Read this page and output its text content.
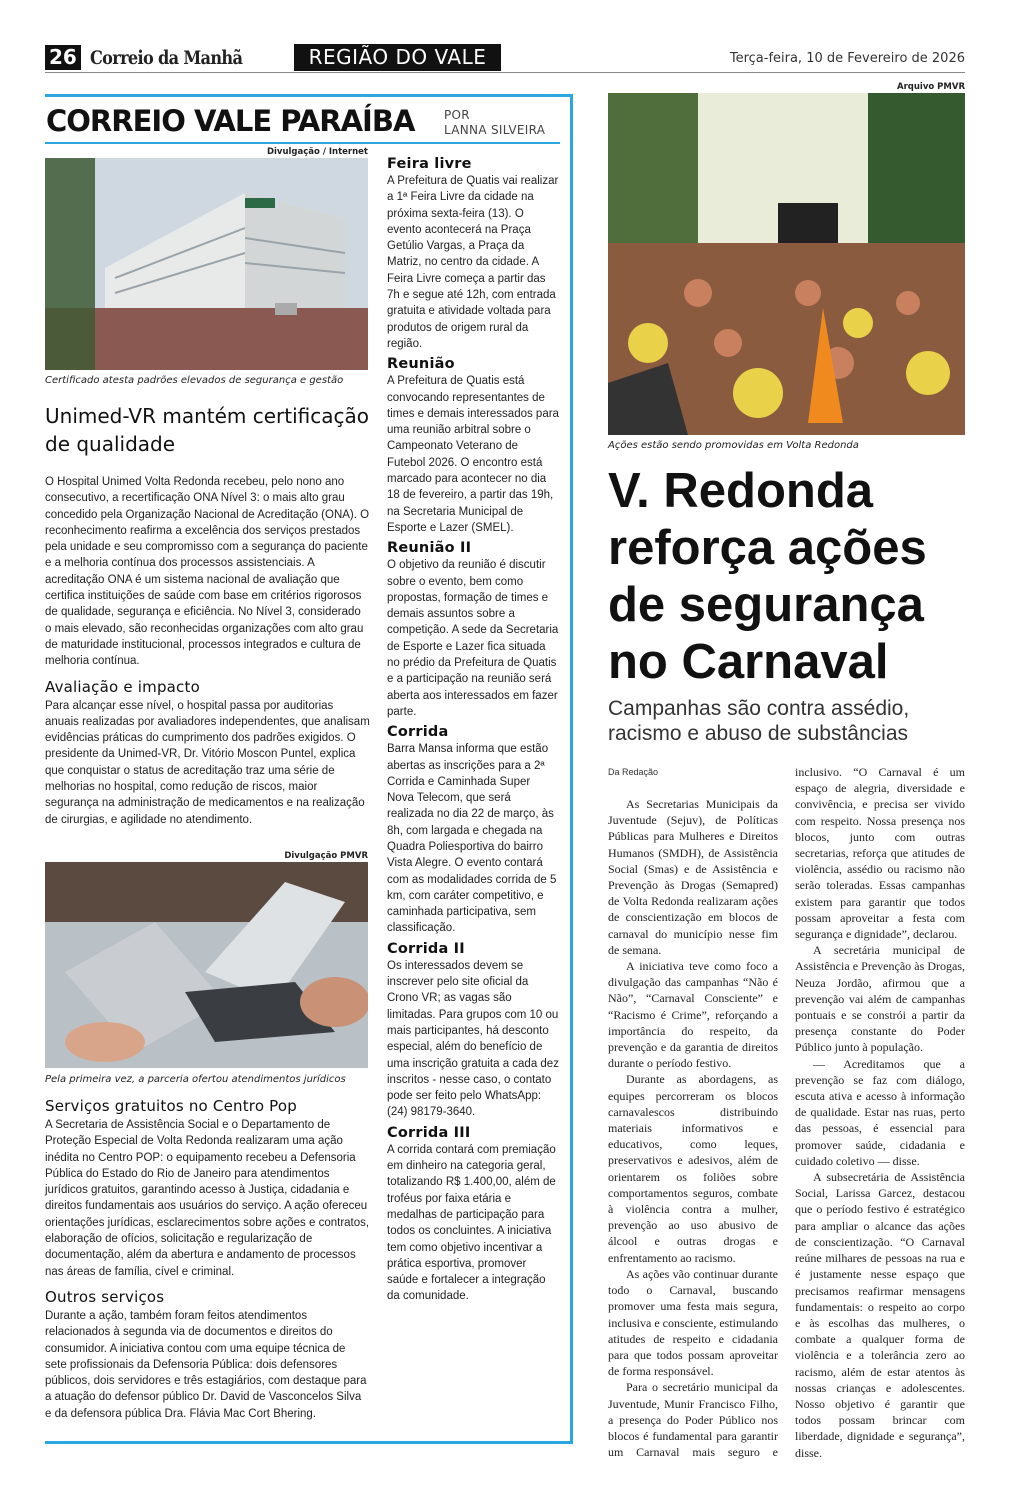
26 Correio da Manhã	REGIÃO DO VALE	Terça-feira, 10 de Fevereiro de 2026
CORREIO VALE PARAÍBA POR
LANNA SILVEIRA
Divulgação / Internet
Certificado atesta padrões elevados de segurança e gestão
Unimed-VR mantém certificação de qualidade

O Hospital Unimed Volta Redonda recebeu, pelo nono ano consecutivo, a recertificação ONA Nível 3: o mais alto grau concedido pela Organização Nacional de Acreditação (ONA). O reconhecimento reafirma a excelência dos serviços prestados pela unidade e seu compromisso com a segurança do paciente e a melhoria contínua dos processos assistenciais. A acreditação ONA é um sistema nacional de avaliação que certifica instituições de saúde com base em critérios rigorosos de qualidade, segurança e eficiência. No Nível 3, considerado o mais elevado, são reconhecidas organizações com alto grau de maturidade institucional, processos integrados e cultura de melhoria contínua.

Avaliação e impacto

Para alcançar esse nível, o hospital passa por auditorias anuais realizadas por avaliadores independentes, que analisam evidências práticas do cumprimento dos padrões exigidos. O presidente da Unimed-VR, Dr. Vitório Moscon Puntel, explica que conquistar o status de acreditação traz uma série de melhorias no hospital, como redução de riscos, maior segurança na administração de medicamentos e na realização de cirurgias, e agilidade no atendimento.

Divulgação PMVR
Pela primeira vez, a parceria ofertou atendimentos jurídicos
Serviços gratuitos no Centro Pop

A Secretaria de Assistência Social e o Departamento de Proteção Especial de Volta Redonda realizaram uma ação inédita no Centro POP: o equipamento recebeu a Defensoria Pública do Estado do Rio de Janeiro para atendimentos jurídicos gratuitos, garantindo acesso à Justiça, cidadania e direitos fundamentais aos usuários do serviço. A ação ofereceu orientações jurídicas, esclarecimentos sobre ações e contratos, elaboração de ofícios, solicitação e regularização de documentação, além da abertura e andamento de processos nas áreas de família, cível e criminal.

Outros serviços

Durante a ação, também foram feitos atendimentos relacionados à segunda via de documentos e direitos do consumidor. A iniciativa contou com uma equipe técnica de sete profissionais da Defensoria Pública: dois defensores públicos, dois servidores e três estagiários, com destaque para a atuação do defensor público Dr. David de Vasconcelos Silva e da defensora pública Dra. Flávia Mac Cort Bhering.

Feira livre

A Prefeitura de Quatis vai realizar a 1ª Feira Livre da cidade na próxima sexta-feira (13). O evento acontecerá na Praça Getúlio Vargas, a Praça da Matriz, no centro da cidade. A Feira Livre começa a partir das 7h e segue até 12h, com entrada gratuita e atividade voltada para produtos de origem rural da região.

Reunião

A Prefeitura de Quatis está convocando representantes de times e demais interessados para uma reunião arbitral sobre o Campeonato Veterano de Futebol 2026. O encontro está marcado para acontecer no dia 18 de fevereiro, a partir das 19h, na Secretaria Municipal de Esporte e Lazer (SMEL).

Reunião II

O objetivo da reunião é discutir sobre o evento, bem como propostas, formação de times e demais assuntos sobre a competição. A sede da Secretaria de Esporte e Lazer fica situada no prédio da Prefeitura de Quatis e a participação na reunião será aberta aos interessados em fazer parte.

Corrida

Barra Mansa informa que estão abertas as inscrições para a 2ª Corrida e Caminhada Super Nova Telecom, que será realizada no dia 22 de março, às 8h, com largada e chegada na Quadra Poliesportiva do bairro Vista Alegre. O evento contará com as modalidades corrida de 5 km, com caráter competitivo, e caminhada participativa, sem classificação.

Corrida II

Os interessados devem se inscrever pelo site oficial da Crono VR; as vagas são limitadas. Para grupos com 10 ou mais participantes, há desconto especial, além do benefício de uma inscrição gratuita a cada dez inscritos - nesse caso, o contato pode ser feito pelo WhatsApp: (24) 98179-3640.

Corrida III

A corrida contará com premiação em dinheiro na categoria geral, totalizando R$ 1.400,00, além de troféus por faixa etária e medalhas de participação para todos os concluintes. A iniciativa tem como objetivo incentivar a prática esportiva, promover saúde e fortalecer a integração da comunidade.

Arquivo PMVR
Ações estão sendo promovidas em Volta Redonda
V. Redonda reforça ações de segurança no Carnaval
Campanhas são contra assédio, racismo e abuso de substâncias
Da Redação

As Secretarias Municipais da Juventude (Sejuv), de Políticas Públicas para Mulheres e Direitos Humanos (SMDH), de Assistência Social (Smas) e de Assistência e Prevenção às Drogas (Semapred) de Volta Redonda realizaram ações de conscientização em blocos de carnaval do município nesse fim de semana.

A iniciativa teve como foco a divulgação das campanhas “Não é Não”, “Carnaval Consciente” e “Racismo é Crime”, reforçando a importância do respeito, da prevenção e da garantia de direitos durante o período festivo.

Durante as abordagens, as equipes percorreram os blocos carnavalescos distribuindo materiais informativos e educativos, como leques, preservativos e adesivos, além de orientarem os foliões sobre comportamentos seguros, combate à violência contra a mulher, prevenção ao uso abusivo de álcool e outras drogas e enfrentamento ao racismo.

As ações vão continuar durante todo o Carnaval, buscando promover uma festa mais segura, inclusiva e consciente, estimulando atitudes de respeito e cidadania para que todos possam aproveitar de forma responsável.

Para o secretário municipal da Juventude, Munir Francisco Filho, a presença do Poder Público nos blocos é fundamental para garantir um Carnaval mais seguro e inclusivo. “O Carnaval é um espaço de alegria, diversidade e convivência, e precisa ser vivido com respeito. Nossa presença nos blocos, junto com outras secretarias, reforça que atitudes de violência, assédio ou racismo não serão toleradas. Essas campanhas existem para garantir que todos possam aproveitar a festa com segurança e dignidade”, declarou.

A secretária municipal de Assistência e Prevenção às Drogas, Neuza Jordão, afirmou que a prevenção vai além de campanhas pontuais e se constrói a partir da presença constante do Poder Público junto à população.

— Acreditamos que a prevenção se faz com diálogo, escuta ativa e acesso à informação de qualidade. Estar nas ruas, perto das pessoas, é essencial para promover saúde, cidadania e cuidado coletivo — disse.

A subsecretária de Assistência Social, Larissa Garcez, destacou que o período festivo é estratégico para ampliar o alcance das ações de conscientização. “O Carnaval reúne milhares de pessoas na rua e é justamente nesse espaço que precisamos reafirmar mensagens fundamentais: o respeito ao corpo e às escolhas das mulheres, o combate a qualquer forma de violência e a tolerância zero ao racismo, além de estar atentos às nossas crianças e adolescentes. Nosso objetivo é garantir que todos possam brincar com liberdade, dignidade e segurança”, disse.
